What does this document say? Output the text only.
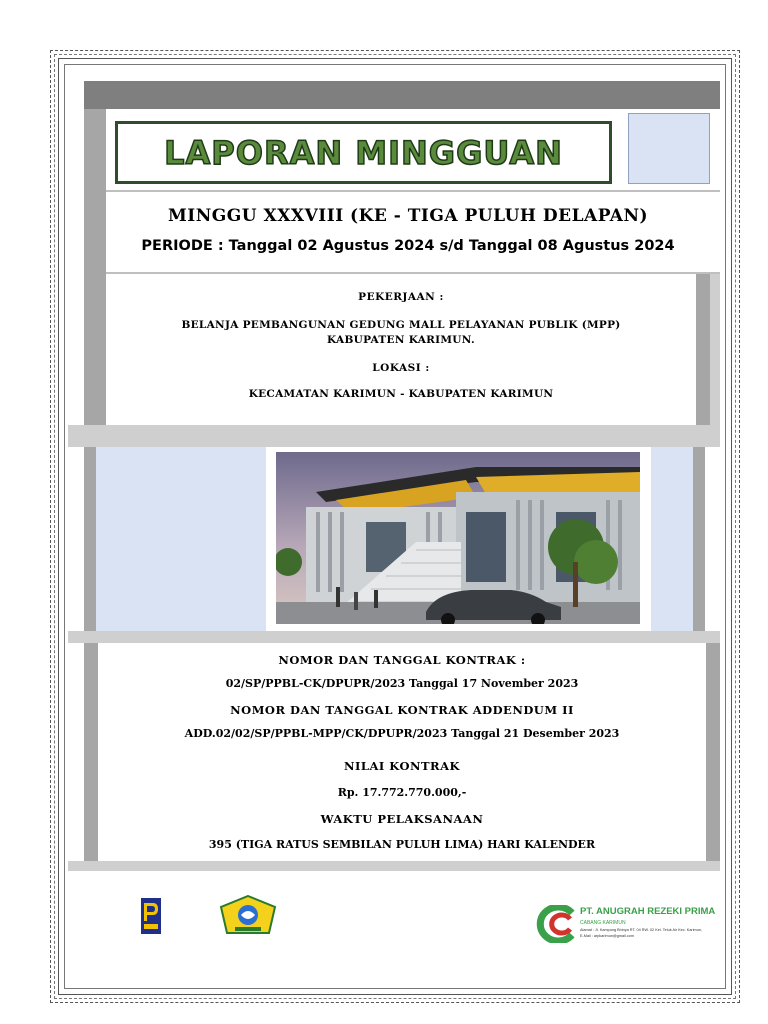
LAPORAN MINGGUAN
MINGGU XXXVIII (KE - TIGA PULUH DELAPAN)
PERIODE : Tanggal 02 Agustus 2024 s/d Tanggal 08 Agustus 2024
PEKERJAAN :
BELANJA PEMBANGUNAN GEDUNG MALL PELAYANAN PUBLIK (MPP)
KABUPATEN KARIMUN.
LOKASI :
KECAMATAN KARIMUN - KABUPATEN KARIMUN
NOMOR DAN TANGGAL KONTRAK :
02/SP/PPBL-CK/DPUPR/2023 Tanggal 17 November 2023
NOMOR DAN TANGGAL KONTRAK ADDENDUM II
ADD.02/02/SP/PPBL-MPP/CK/DPUPR/2023 Tanggal 21 Desember 2023
NILAI KONTRAK
Rp. 17.772.770.000,-
WAKTU PELAKSANAAN
395 (TIGA RATUS SEMBILAN PULUH LIMA) HARI KALENDER
PT. ANUGRAH REZEKI PRIMA
CABANG KARIMUN
Alamat : Jl. Kampung Bhinya RT. 04 RW. 02 Kel. Teluk Air Kec. Karimun,
E-Mail : arpkarimun@gmail.com
